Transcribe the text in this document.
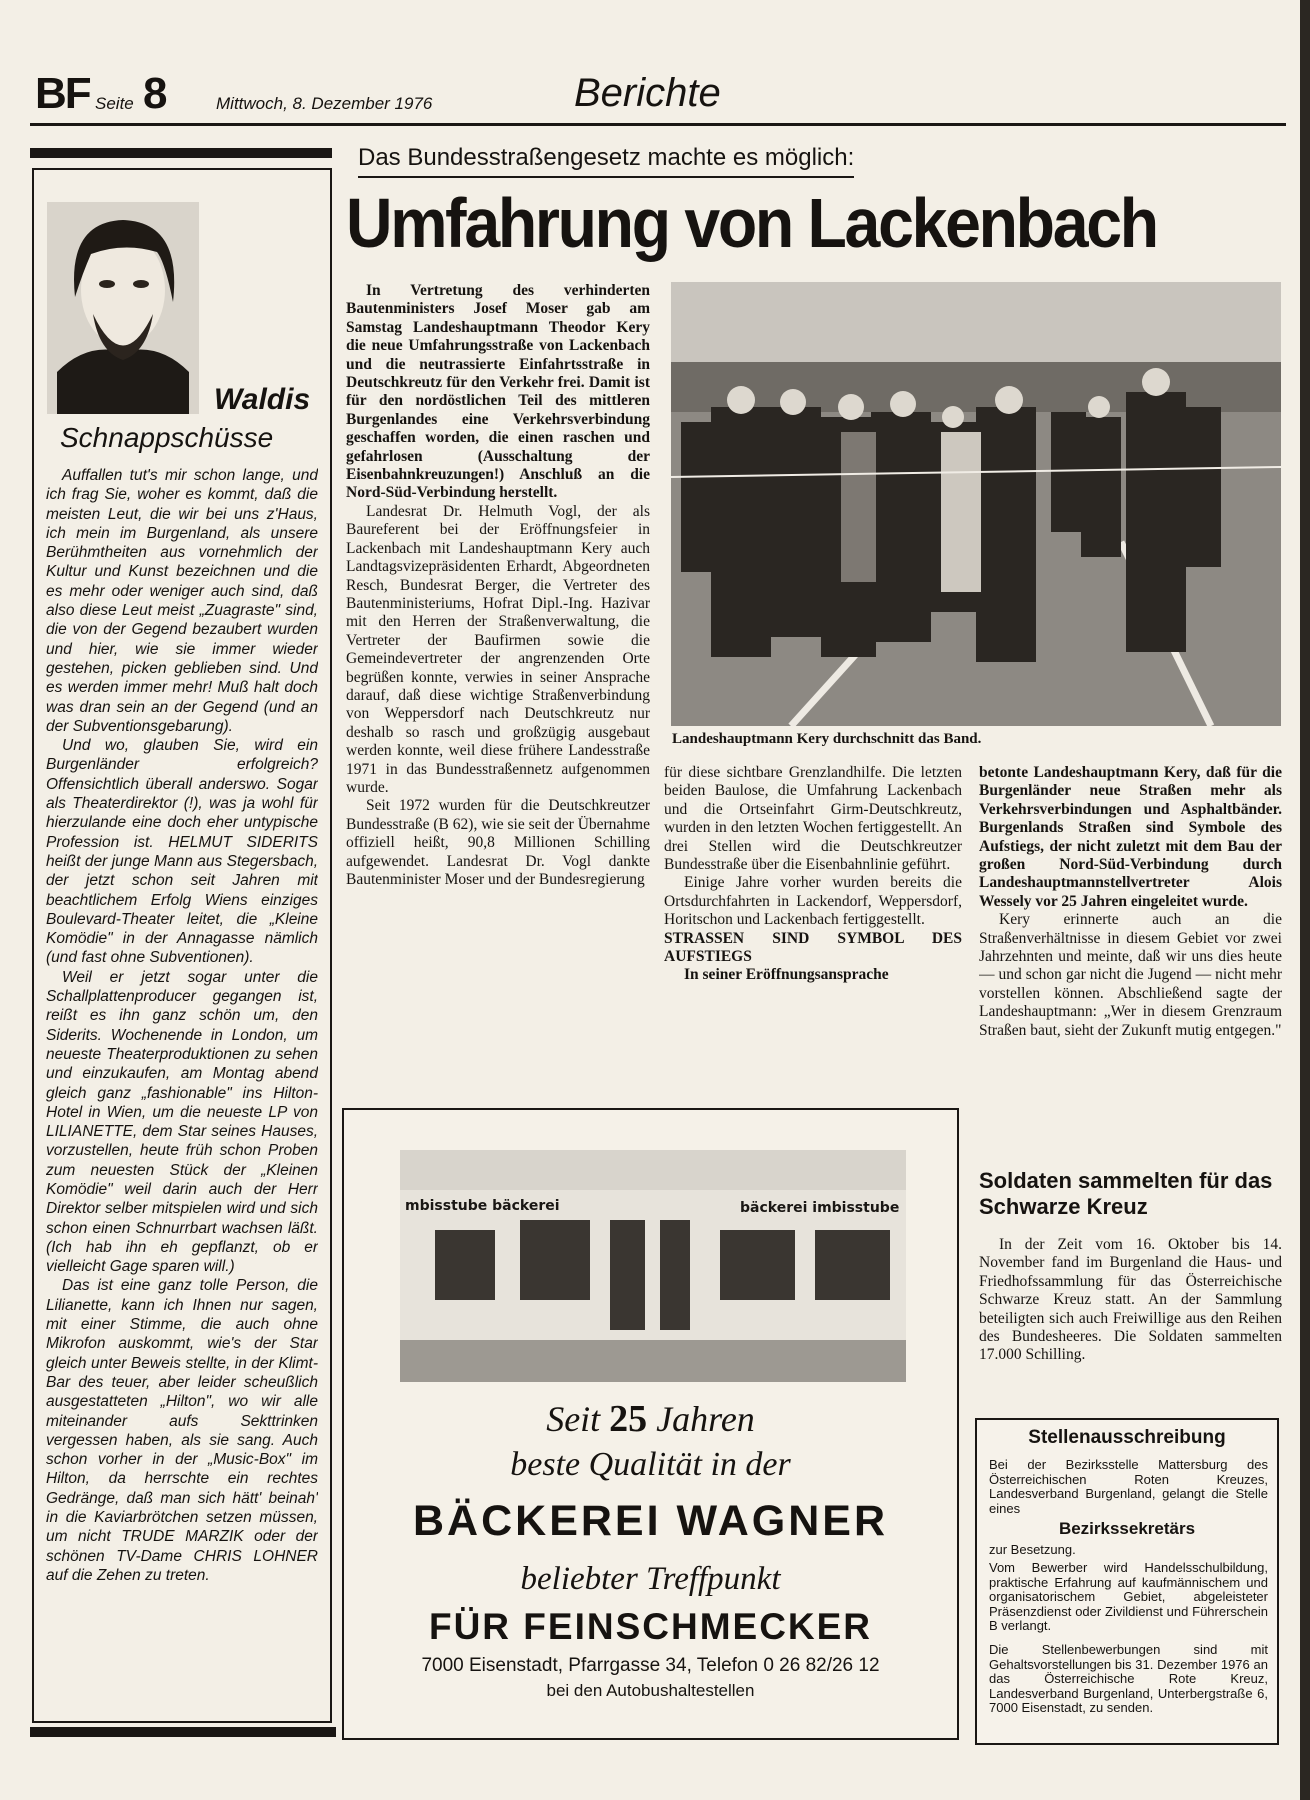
BF Seite 8	Mittwoch, 8. Dezember 1976	Berichte
Waldis
Schnappschüsse

Auffallen tut's mir schon lange, und ich frag Sie, woher es kommt, daß die meisten Leut, die wir bei uns z'Haus, ich mein im Burgenland, als unsere Berühmtheiten aus vornehmlich der Kultur und Kunst bezeichnen und die es mehr oder weniger auch sind, daß also diese Leut meist „Zuagraste" sind, die von der Gegend bezaubert wurden und hier, wie sie immer wieder gestehen, picken geblieben sind. Und es werden immer mehr! Muß halt doch was dran sein an der Gegend (und an der Subventionsgebarung).

Und wo, glauben Sie, wird ein Burgenländer erfolgreich? Offensichtlich überall anderswo. Sogar als Theaterdirektor (!), was ja wohl für hierzulande eine doch eher untypische Profession ist. HELMUT SIDERITS heißt der junge Mann aus Stegersbach, der jetzt schon seit Jahren mit beachtlichem Erfolg Wiens einziges Boulevard-Theater leitet, die „Kleine Komödie" in der Annagasse nämlich (und fast ohne Subventionen).

Weil er jetzt sogar unter die Schallplattenproducer gegangen ist, reißt es ihn ganz schön um, den Siderits. Wochenende in London, um neueste Theaterproduktionen zu sehen und einzukaufen, am Montag abend gleich ganz „fashionable" ins Hilton-Hotel in Wien, um die neueste LP von LILIANETTE, dem Star seines Hauses, vorzustellen, heute früh schon Proben zum neuesten Stück der „Kleinen Komödie" weil darin auch der Herr Direktor selber mitspielen wird und sich schon einen Schnurrbart wachsen läßt. (Ich hab ihn eh gepflanzt, ob er vielleicht Gage sparen will.)

Das ist eine ganz tolle Person, die Lilianette, kann ich Ihnen nur sagen, mit einer Stimme, die auch ohne Mikrofon auskommt, wie's der Star gleich unter Beweis stellte, in der Klimt-Bar des teuer, aber leider scheußlich ausgestatteten „Hilton", wo wir alle miteinander aufs Sekttrinken vergessen haben, als sie sang. Auch schon vorher in der „Music-Box" im Hilton, da herrschte ein rechtes Gedränge, daß man sich hätt' beinah' in die Kaviarbrötchen setzen müssen, um nicht TRUDE MARZIK oder der schönen TV-Dame CHRIS LOHNER auf die Zehen zu treten.

Das Bundesstraßengesetz machte es möglich:
Umfahrung von Lackenbach

In Vertretung des verhinderten Bautenministers Josef Moser gab am Samstag Landeshauptmann Theodor Kery die neue Umfahrungsstraße von Lackenbach und die neutrassierte Einfahrtsstraße in Deutschkreutz für den Verkehr frei. Damit ist für den nordöstlichen Teil des mittleren Burgenlandes eine Verkehrsverbindung geschaffen worden, die einen raschen und gefahrlosen (Ausschaltung der Eisenbahnkreuzungen!) Anschluß an die Nord-Süd-Verbindung herstellt.

Landesrat Dr. Helmuth Vogl, der als Baureferent bei der Eröffnungsfeier in Lackenbach mit Landeshauptmann Kery auch Landtagsvizepräsidenten Erhardt, Abgeordneten Resch, Bundesrat Berger, die Vertreter des Bautenministeriums, Hofrat Dipl.-Ing. Hazivar mit den Herren der Straßenverwaltung, die Vertreter der Baufirmen sowie die Gemeindevertreter der angrenzenden Orte begrüßen konnte, verwies in seiner Ansprache darauf, daß diese wichtige Straßenverbindung von Weppersdorf nach Deutschkreutz nur deshalb so rasch und großzügig ausgebaut werden konnte, weil diese frühere Landesstraße 1971 in das Bundesstraßennetz aufgenommen wurde.

Seit 1972 wurden für die Deutschkreutzer Bundesstraße (B 62), wie sie seit der Übernahme offiziell heißt, 90,8 Millionen Schilling aufgewendet. Landesrat Dr. Vogl dankte Bautenminister Moser und der Bundesregierung

Landeshauptmann Kery durchschnitt das Band.

für diese sichtbare Grenzlandhilfe. Die letzten beiden Baulose, die Umfahrung Lackenbach und die Ortseinfahrt Girm-Deutschkreutz, wurden in den letzten Wochen fertiggestellt. An drei Stellen wird die Deutschkreutzer Bundesstraße über die Eisenbahnlinie geführt.

Einige Jahre vorher wurden bereits die Ortsdurchfahrten in Lackendorf, Weppersdorf, Horitschon und Lackenbach fertiggestellt.

STRASSEN SIND SYMBOL DES AUFSTIEGS

In seiner Eröffnungsansprache

betonte Landeshauptmann Kery, daß für die Burgenländer neue Straßen mehr als Verkehrsverbindungen und Asphaltbänder. Burgenlands Straßen sind Symbole des Aufstiegs, der nicht zuletzt mit dem Bau der großen Nord-Süd-Verbindung durch Landeshauptmannstellvertreter Alois Wessely vor 25 Jahren eingeleitet wurde.

Kery erinnerte auch an die Straßenverhältnisse in diesem Gebiet vor zwei Jahrzehnten und meinte, daß wir uns dies heute — und schon gar nicht die Jugend — nicht mehr vorstellen können. Abschließend sagte der Landeshauptmann: „Wer in diesem Grenzraum Straßen baut, sieht der Zukunft mutig entgegen."

Soldaten sammelten für das Schwarze Kreuz

In der Zeit vom 16. Oktober bis 14. November fand im Burgenland die Haus- und Friedhofssammlung für das Österreichische Schwarze Kreuz statt. An der Sammlung beteiligten sich auch Freiwillige aus den Reihen des Bundesheeres. Die Soldaten sammelten 17.000 Schilling.

mbisstube bäckerei	bäckerei imbisstube
Seit 25 Jahren
beste Qualität in der
BÄCKEREI WAGNER
beliebter Treffpunkt
FÜR FEINSCHMECKER
7000 Eisenstadt, Pfarrgasse 34, Telefon 0 26 82/26 12
bei den Autobushaltestellen
Stellenausschreibung
Bei der Bezirksstelle Mattersburg des Österreichischen Roten Kreuzes, Landesverband Burgenland, gelangt die Stelle eines
Bezirkssekretärs
zur Besetzung.
Vom Bewerber wird Handelsschulbildung, praktische Erfahrung auf kaufmännischem und organisatorischem Gebiet, abgeleisteter Präsenzdienst oder Zivildienst und Führerschein B verlangt.
Die Stellenbewerbungen sind mit Gehaltsvorstellungen bis 31. Dezember 1976 an das Österreichische Rote Kreuz, Landesverband Burgenland, Unterbergstraße 6, 7000 Eisenstadt, zu senden.
